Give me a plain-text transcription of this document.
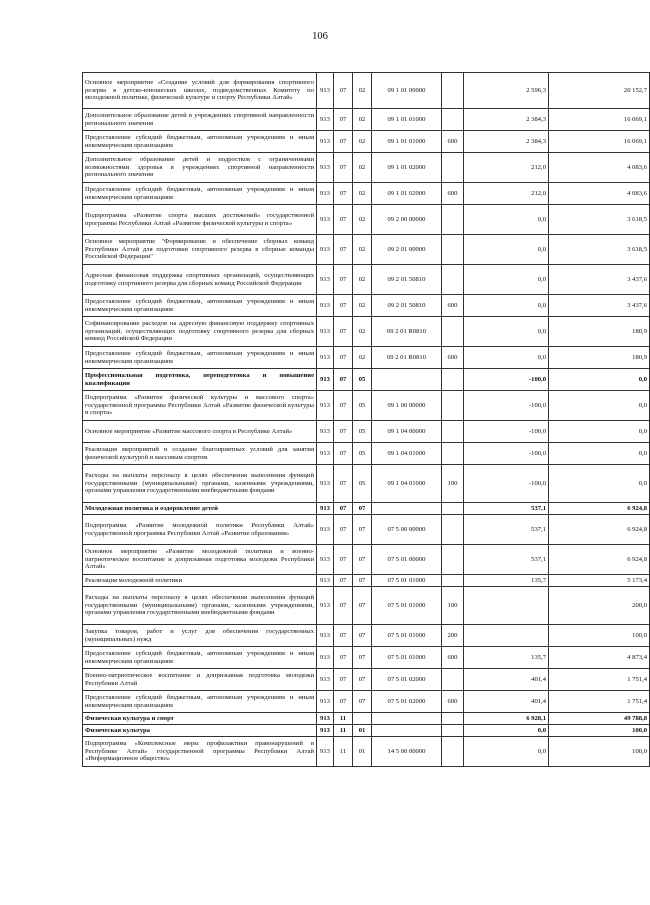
106
Основное мероприятие «Создание условий для формирования спортивного резерва в детско-юношеских школах, подведомственных Комитету по молодежной политике, физической культуре и спорту Республики Алтай»	913	07	02	09 1 01 00000		2 596,3	20 152,7
Дополнительное образование детей в учреждениях спортивной направленности регионального значения	913	07	02	09 1 01 01000		2 384,3	16 069,1
Предоставление субсидий бюджетным, автономным учреждениям и иным некоммерческим организациям	913	07	02	09 1 01 01000	600	2 384,3	16 069,1
Дополнительное образование детей и подростков с ограниченными возможностями здоровья в учреждениях спортивной направленности регионального значения	913	07	02	09 1 01 02000		212,0	4 083,6
Предоставление субсидий бюджетным, автономным учреждениям и иным некоммерческим организациям	913	07	02	09 1 01 02000	600	212,0	4 083,6
Подпрограмма «Развитие спорта высших достижений» государственной программы Республики Алтай «Развитие физической культуры и спорта»	913	07	02	09 2 00 00000		0,0	3 618,5
Основное мероприятие "Формирование и обеспечение сборных команд Республики Алтай для подготовки спортивного резерва в сборные команды Российской Федерации"	913	07	02	09 2 01 00000		0,0	3 618,5
Адресная финансовая поддержка спортивных организаций, осуществляющих подготовку спортивного резерва для сборных команд Российской Федерации	913	07	02	09 2 01 50810		0,0	3 437,6
Предоставление субсидий бюджетным, автономным учреждениям и иным некоммерческим организациям	913	07	02	09 2 01 50810	600	0,0	3 437,6
Софинансирование расходов на адресную финансовую поддержку спортивных организаций, осуществляющих подготовку спортивного резерва для сборных команд Российской Федерации	913	07	02	09 2 01 R0810		0,0	180,9
Предоставление субсидий бюджетным, автономным учреждениям и иным некоммерческим организациям	913	07	02	09 2 01 R0810	600	0,0	180,9
Профессиональная подготовка, переподготовка и повышение квалификации	913	07	05			-100,0	0,0
Подпрограмма «Развитие физической культуры и массового спорта» государственной программы Республики Алтай «Развитие физической культуры и спорта»	913	07	05	09 1 00 00000		-100,0	0,0
Основное мероприятие «Развитие массового спорта в Республике Алтай»	913	07	05	09 1 04 00000		-100,0	0,0
Реализация мероприятий и создание благоприятных условий для занятия физической культурой и массовым спортом	913	07	05	09 1 04 01000		-100,0	0,0
Расходы на выплаты персоналу в целях обеспечения выполнения функций государственными (муниципальными) органами, казенными учреждениями, органами управления государственными внебюджетными фондами	913	07	05	09 1 04 01000	100	-100,0	0,0
Молодежная политика и оздоровление детей	913	07	07			537,1	6 924,8
Подпрограмма «Развитие молодежной политики Республики Алтай» государственной программы Республики Алтай «Развитие образования»	913	07	07	07 5 00 00000		537,1	6 924,8
Основное мероприятие «Развитие молодежной политики и военно-патриотическое воспитание и допризывная подготовка молодежи Республики Алтай»	913	07	07	07 5 01 00000		537,1	6 924,8
Реализация молодежной политики	913	07	07	07 5 01 01000		135,7	5 173,4
Расходы на выплаты персоналу в целях обеспечения выполнения функций государственными (муниципальными) органами, казенными учреждениями, органами управления государственными внебюджетными фондами	913	07	07	07 5 01 01000	100		200,0
Закупка товаров, работ и услуг для обеспечения государственных (муниципальных) нужд	913	07	07	07 5 01 01000	200		100,0
Предоставление субсидий бюджетным, автономным учреждениям и иным некоммерческим организациям	913	07	07	07 5 01 01000	600	135,7	4 873,4
Военно-патриотическое воспитание и допризывная подготовка молодежи Республики Алтай	913	07	07	07 5 01 02000		401,4	1 751,4
Предоставление субсидий бюджетным, автономным учреждениям и иным некоммерческим организациям	913	07	07	07 5 01 02000	600	401,4	1 751,4
Физическая культура и спорт	913	11				6 928,1	49 788,8
Физическая культура	913	11	01			0,0	100,0
Подпрограмма «Комплексные меры профилактики правонарушений в Республике Алтай» государственной программы Республики Алтай «Информационное общество»	913	11	01	14 5 00 00000		0,0	100,0
